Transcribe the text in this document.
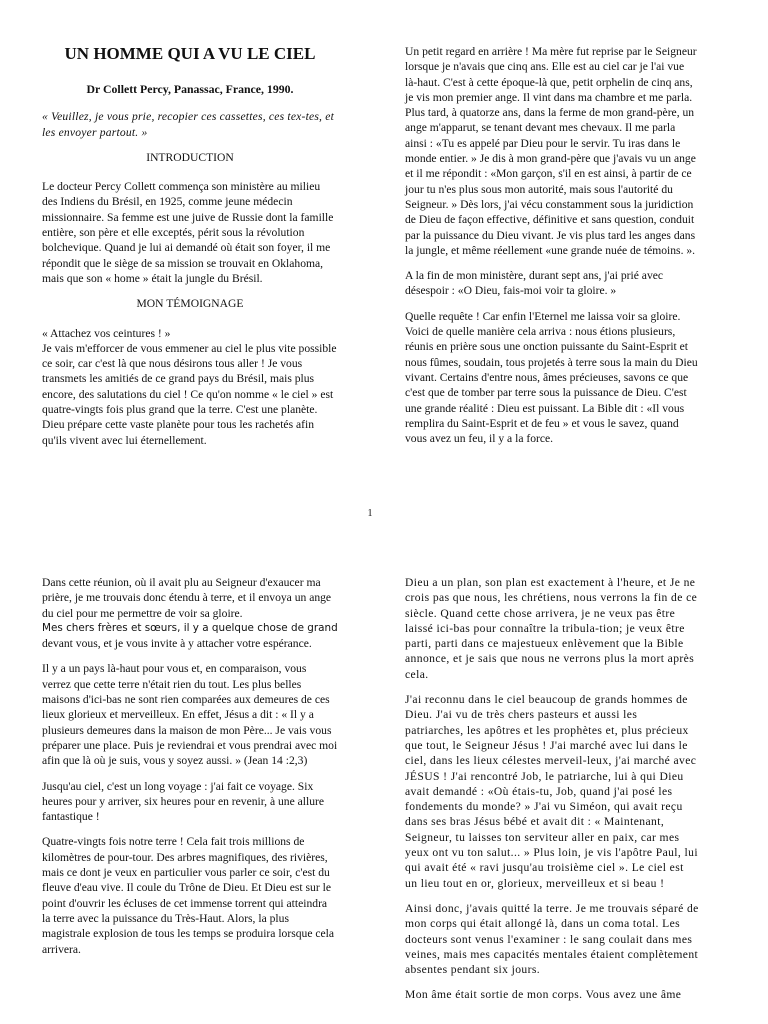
UN HOMME QUI A VU LE CIEL
Dr Collett Percy, Panassac, France, 1990.

« Veuillez, je vous prie, recopier ces cassettes, ces tex-tes, et les envoyer partout. »

INTRODUCTION

Le docteur Percy Collett commença son ministère au milieu des Indiens du Brésil, en 1925, comme jeune médecin missionnaire. Sa femme est une juive de Russie dont la famille entière, son père et elle exceptés, périt sous la révolution bolchevique. Quand je lui ai demandé où était son foyer, il me répondit que le siège de sa mission se trouvait en Oklahoma, mais que son « home » était la jungle du Brésil.

MON TÉMOIGNAGE

« Attachez vos ceintures ! »

Je vais m'efforcer de vous emmener au ciel le plus vite possible ce soir, car c'est là que nous désirons tous aller ! Je vous transmets les amitiés de ce grand pays du Brésil, mais plus encore, des salutations du ciel ! Ce qu'on nomme « le ciel » est quatre-vingts fois plus grand que la terre. C'est une planète. Dieu prépare cette vaste planète pour tous les rachetés afin qu'ils vivent avec lui éternellement.

Un petit regard en arrière ! Ma mère fut reprise par le Seigneur lorsque je n'avais que cinq ans. Elle est au ciel car je l'ai vue là-haut. C'est à cette époque-là que, petit orphelin de cinq ans, je vis mon premier ange. Il vint dans ma chambre et me parla. Plus tard, à quatorze ans, dans la ferme de mon grand-père, un ange m'apparut, se tenant devant mes chevaux. Il me parla ainsi : «Tu es appelé par Dieu pour le servir. Tu iras dans le monde entier. » Je dis à mon grand-père que j'avais vu un ange et il me répondit : «Mon garçon, s'il en est ainsi, à partir de ce jour tu n'es plus sous mon autorité, mais sous l'autorité du Seigneur. » Dès lors, j'ai vécu constamment sous la juridiction de Dieu de façon effective, définitive et sans question, conduit par la puissance du Dieu vivant. Je vis plus tard les anges dans la jungle, et même réellement «une grande nuée de témoins. ».

A la fin de mon ministère, durant sept ans, j'ai prié avec désespoir : «O Dieu, fais-moi voir ta gloire. »

Quelle requête ! Car enfin l'Eternel me laissa voir sa gloire. Voici de quelle manière cela arriva : nous étions plusieurs, réunis en prière sous une onction puissante du Saint-Esprit et nous fûmes, soudain, tous projetés à terre sous la main du Dieu vivant. Certains d'entre nous, âmes précieuses, savons ce que c'est que de tomber par terre sous la puissance de Dieu. C'est une grande réalité : Dieu est puissant. La Bible dit : «Il vous remplira du Saint-Esprit et de feu » et vous le savez, quand vous avez un feu, il y a la force.

1

Dans cette réunion, où il avait plu au Seigneur d'exaucer ma prière, je me trouvais donc étendu à terre, et il envoya un ange du ciel pour me permettre de voir sa gloire.

Mes chers frères et sœurs, il y a quelque chose de grand

devant vous, et je vous invite à y attacher votre espérance.

Il y a un pays là-haut pour vous et, en comparaison, vous verrez que cette terre n'était rien du tout. Les plus belles maisons d'ici-bas ne sont rien comparées aux demeures de ces lieux glorieux et merveilleux. En effet, Jésus a dit : « Il y a plusieurs demeures dans la maison de mon Père... Je vais vous préparer une place. Puis je reviendrai et vous prendrai avec moi afin que là où je suis, vous y soyez aussi. » (Jean 14 :2,3)

Jusqu'au ciel, c'est un long voyage : j'ai fait ce voyage. Six heures pour y arriver, six heures pour en revenir, à une allure fantastique !

Quatre-vingts fois notre terre ! Cela fait trois millions de kilomètres de pour-tour. Des arbres magnifiques, des rivières, mais ce dont je veux en particulier vous parler ce soir, c'est du fleuve d'eau vive. Il coule du Trône de Dieu. Et Dieu est sur le point d'ouvrir les écluses de cet immense torrent qui atteindra la terre avec la puissance du Très-Haut. Alors, la plus magistrale explosion de tous les temps se produira lorsque cela arrivera.

Dieu a un plan, son plan est exactement à l'heure, et Je ne crois pas que nous, les chrétiens, nous verrons la fin de ce siècle. Quand cette chose arrivera, je ne veux pas être laissé ici-bas pour connaître la tribula-tion; je veux être parti, parti dans ce majestueux enlèvement que la Bible annonce, et je sais que nous ne verrons plus la mort après cela.

J'ai reconnu dans le ciel beaucoup de grands hommes de Dieu. J'ai vu de très chers pasteurs et aussi les patriarches, les apôtres et les prophètes et, plus précieux que tout, le Seigneur Jésus ! J'ai marché avec lui dans le ciel, dans les lieux célestes merveil-leux, j'ai marché avec JÉSUS ! J'ai rencontré Job, le patriarche, lui à qui Dieu avait demandé : «Où étais-tu, Job, quand j'ai posé les fondements du monde? » J'ai vu Siméon, qui avait reçu dans ses bras Jésus bébé et avait dit : « Maintenant, Seigneur, tu laisses ton serviteur aller en paix, car mes yeux ont vu ton salut... » Plus loin, je vis l'apôtre Paul, lui qui avait été « ravi jusqu'au troisième ciel ». Le ciel est un lieu tout en or, glorieux, merveilleux et si beau !

Ainsi donc, j'avais quitté la terre. Je me trouvais séparé de mon corps qui était allongé là, dans un coma total. Les docteurs sont venus l'examiner : le sang coulait dans mes veines, mais mes capacités mentales étaient complètement absentes pendant six jours.

Mon âme était sortie de mon corps. Vous avez une âme
